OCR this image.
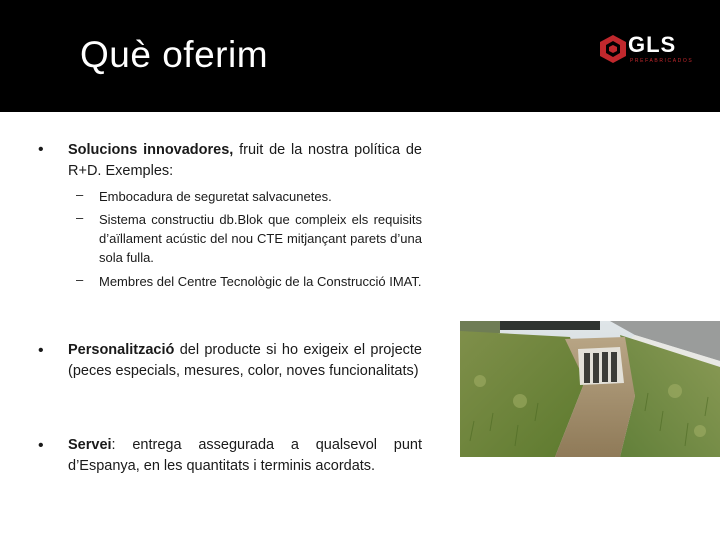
Què oferim	GLS
PREFABRICADOS
• Solucions innovadores, fruit de la nostra política de R+D. Exemples:
– Embocadura de seguretat salvacunetes.
– Sistema constructiu db.Blok que compleix els requisits d’aïllament acústic del nou CTE mitjançant parets d’una sola fulla.
– Membres del Centre Tecnològic de la Construcció IMAT.
• Personalització del producte si ho exigeix el projecte (peces especials, mesures, color, noves funcionalitats)
• Servei: entrega assegurada a qualsevol punt d’Espanya, en les quantitats i terminis acordats.
